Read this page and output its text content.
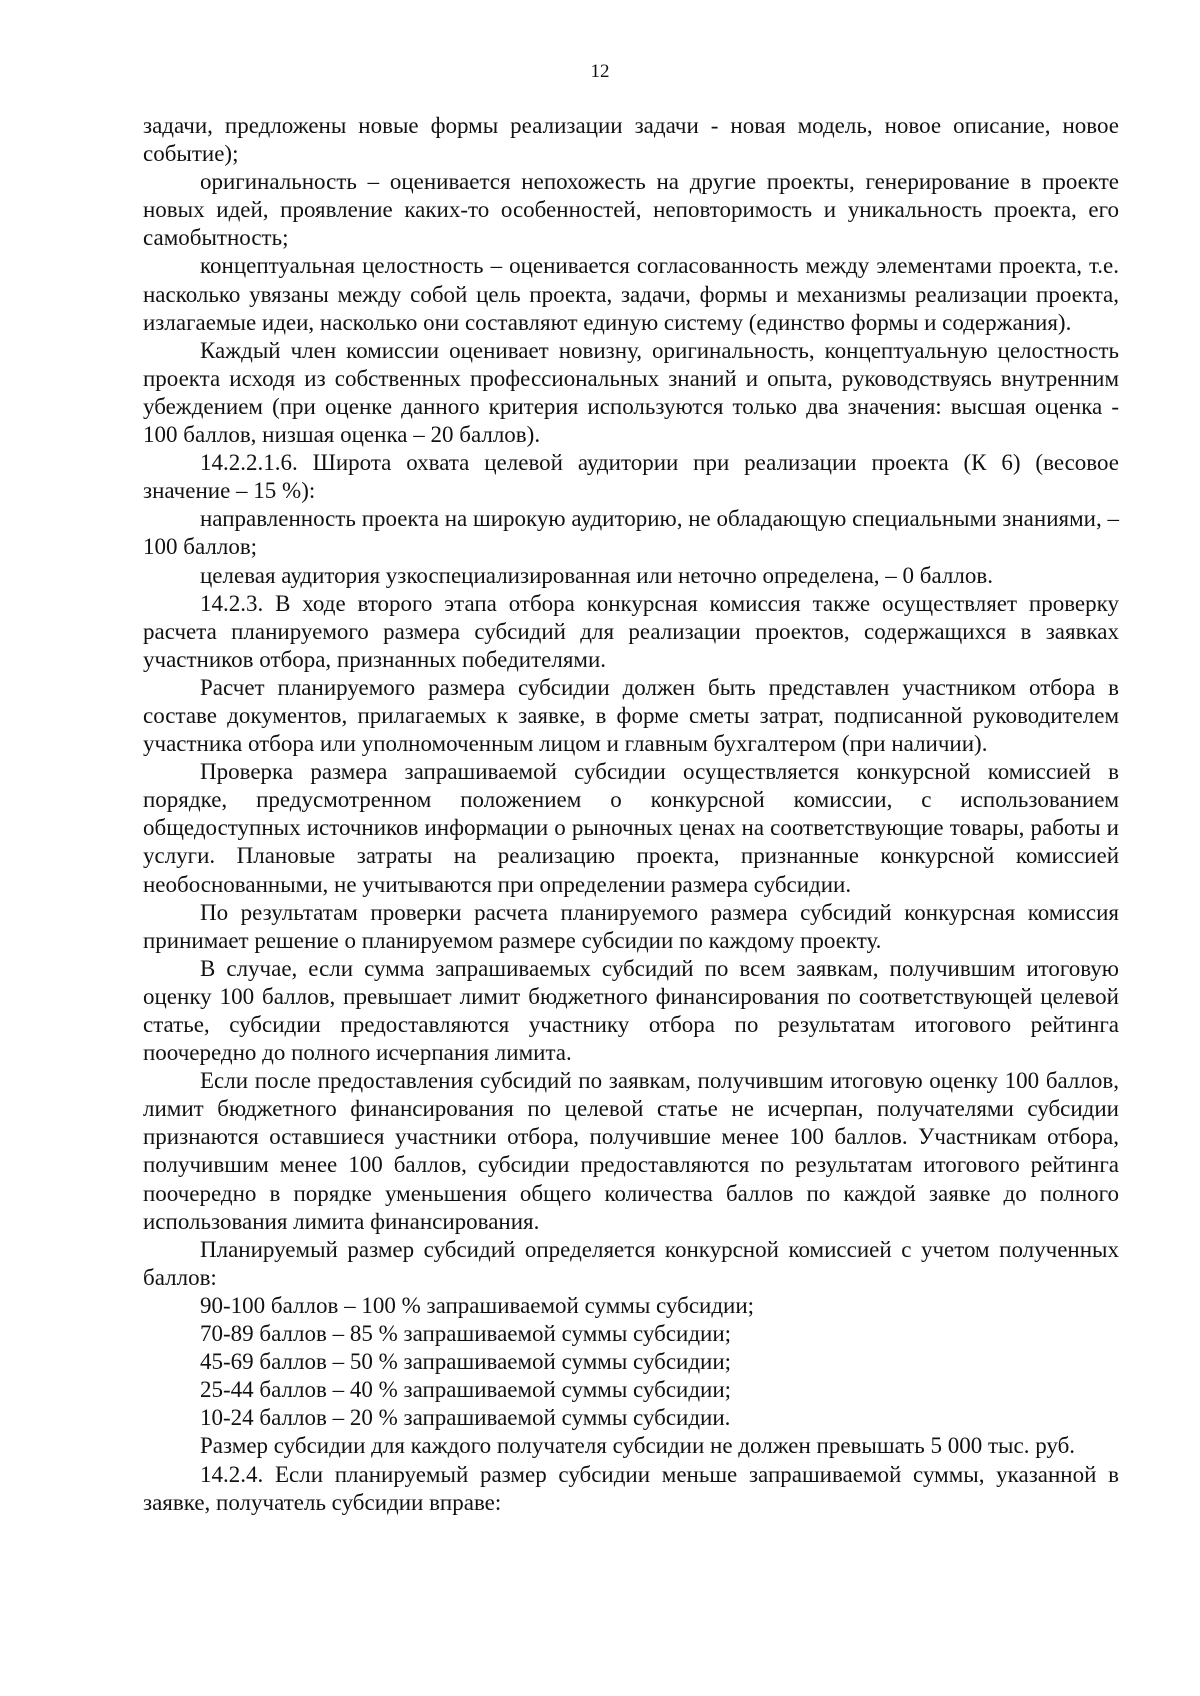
12

задачи, предложены новые формы реализации задачи - новая модель, новое описание, новое событие);

оригинальность – оценивается непохожесть на другие проекты, генерирование в проекте новых идей, проявление каких-то особенностей, неповторимость и уникальность проекта, его самобытность;

концептуальная целостность – оценивается согласованность между элементами проекта, т.е. насколько увязаны между собой цель проекта, задачи, формы и механизмы реализации проекта, излагаемые идеи, насколько они составляют единую систему (единство формы и содержания).

Каждый член комиссии оценивает новизну, оригинальность, концептуальную целостность проекта исходя из собственных профессиональных знаний и опыта, руководствуясь внутренним убеждением (при оценке данного критерия используются только два значения: высшая оценка - 100 баллов, низшая оценка – 20 баллов).

14.2.2.1.6. Широта охвата целевой аудитории при реализации проекта (К 6) (весовое значение – 15 %):

направленность проекта на широкую аудиторию, не обладающую специальными знаниями, – 100 баллов;

целевая аудитория узкоспециализированная или неточно определена, – 0 баллов.

14.2.3. В ходе второго этапа отбора конкурсная комиссия также осуществляет проверку расчета планируемого размера субсидий для реализации проектов, содержащихся в заявках участников отбора, признанных победителями.

Расчет планируемого размера субсидии должен быть представлен участником отбора в составе документов, прилагаемых к заявке, в форме сметы затрат, подписанной руководителем участника отбора или уполномоченным лицом и главным бухгалтером (при наличии).

Проверка размера запрашиваемой субсидии осуществляется конкурсной комиссией в порядке, предусмотренном положением о конкурсной комиссии, с использованием общедоступных источников информации о рыночных ценах на соответствующие товары, работы и услуги. Плановые затраты на реализацию проекта, признанные конкурсной комиссией необоснованными, не учитываются при определении размера субсидии.

По результатам проверки расчета планируемого размера субсидий конкурсная комиссия принимает решение о планируемом размере субсидии по каждому проекту.

В случае, если сумма запрашиваемых субсидий по всем заявкам, получившим итоговую оценку 100 баллов, превышает лимит бюджетного финансирования по соответствующей целевой статье, субсидии предоставляются участнику отбора по результатам итогового рейтинга поочередно до полного исчерпания лимита.

Если после предоставления субсидий по заявкам, получившим итоговую оценку 100 баллов, лимит бюджетного финансирования по целевой статье не исчерпан, получателями субсидии признаются оставшиеся участники отбора, получившие менее 100 баллов. Участникам отбора, получившим менее 100 баллов, субсидии предоставляются по результатам итогового рейтинга поочередно в порядке уменьшения общего количества баллов по каждой заявке до полного использования лимита финансирования.

Планируемый размер субсидий определяется конкурсной комиссией с учетом полученных баллов:

90-100 баллов – 100 % запрашиваемой суммы субсидии;

70-89 баллов – 85 % запрашиваемой суммы субсидии;

45-69 баллов – 50 % запрашиваемой суммы субсидии;

25-44 баллов – 40 % запрашиваемой суммы субсидии;

10-24 баллов – 20 % запрашиваемой суммы субсидии.

Размер субсидии для каждого получателя субсидии не должен превышать 5 000 тыс. руб.

14.2.4. Если планируемый размер субсидии меньше запрашиваемой суммы, указанной в заявке, получатель субсидии вправе:
